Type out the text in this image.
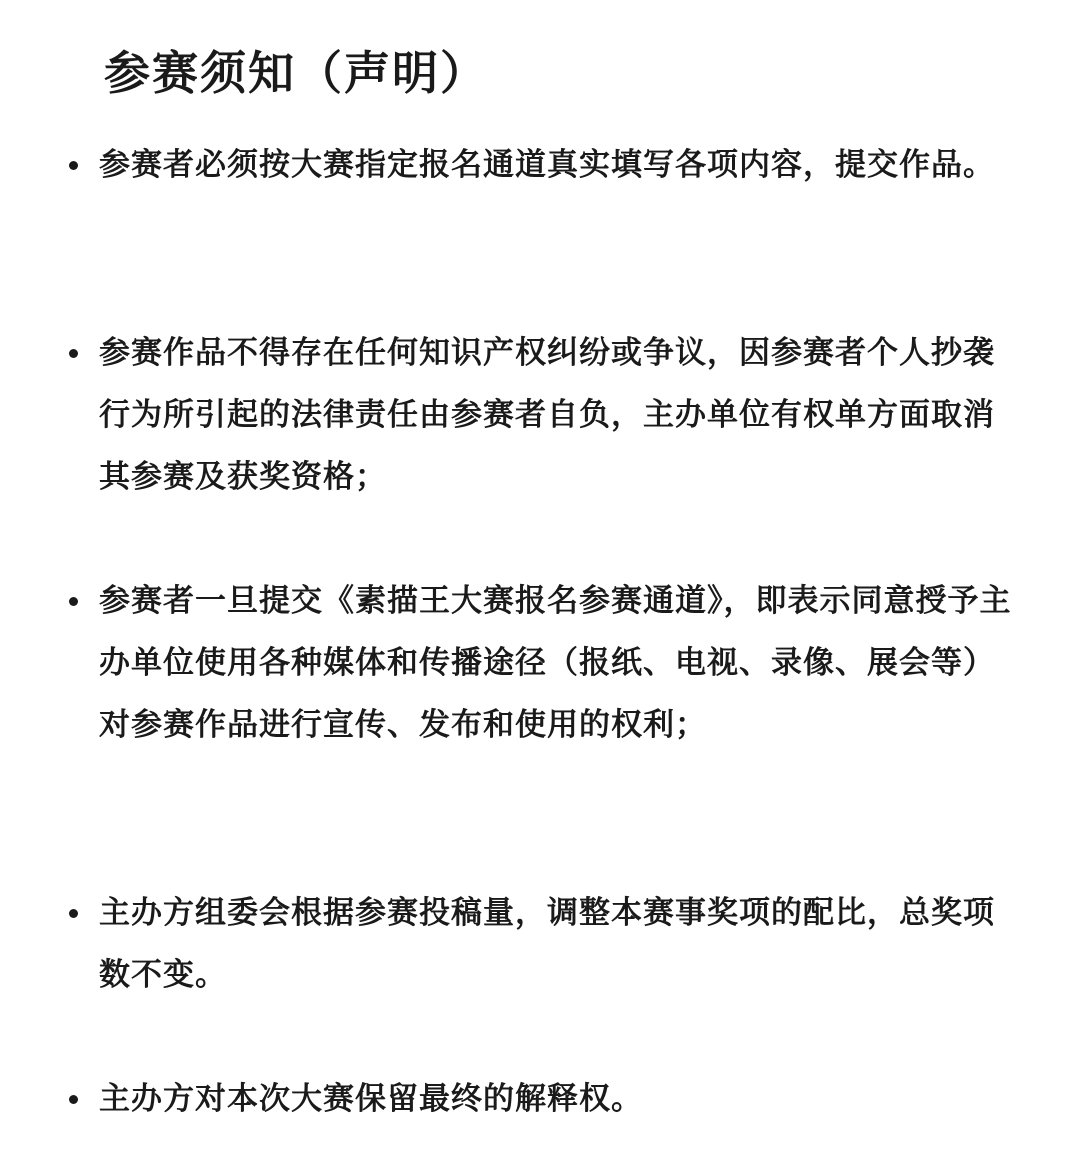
参赛须知（声明）
参赛者必须按大赛指定报名通道真实填写各项内容，提交作品。
参赛作品不得存在任何知识产权纠纷或争议，因参赛者个人抄袭行为所引起的法律责任由参赛者自负，主办单位有权单方面取消其参赛及获奖资格；
参赛者一旦提交《素描王大赛报名参赛通道》，即表示同意授予主办单位使用各种媒体和传播途径（报纸、电视、录像、展会等）对参赛作品进行宣传、发布和使用的权利；
主办方组委会根据参赛投稿量，调整本赛事奖项的配比，总奖项数不变。
主办方对本次大赛保留最终的解释权。
